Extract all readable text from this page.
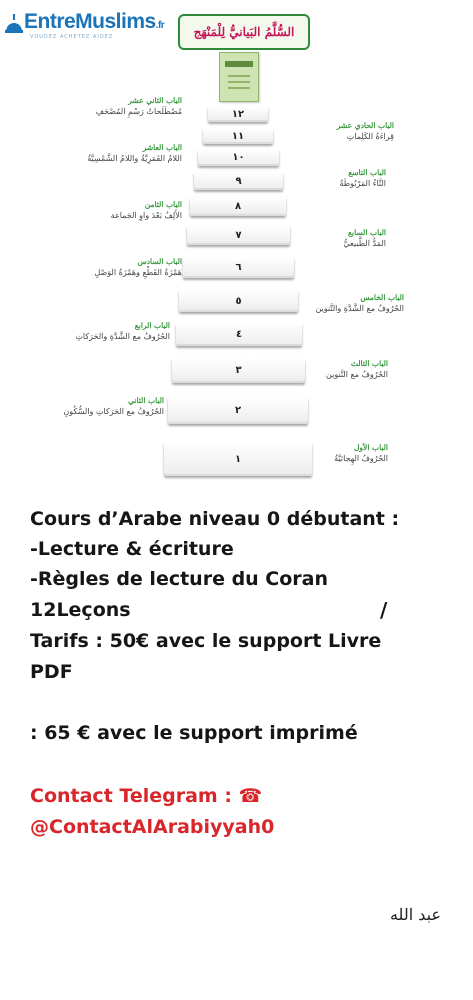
EntreMuslims.fr
VOUDEZ ACHETEZ AIDEZ	السُّلَّمُ البَيانيُّ لِلْمَنْهَج
١٢
١١
١٠
٩
٨
٧
٦
٥
٤
٣
٢
١
الباب الثاني عشر
مُصْطَلَحاتُ رَسْمِ المُصْحَفِ
الباب العاشر
اللامُ القَمَرِيَّةُ واللامُ الشَّمْسِيَّةُ
الباب الثامن
الأَلِفُ بَعْدَ واوِ الجَماعة
الباب السادس
هَمْزَةُ القَطْعِ وهَمْزَةُ الوَصْلِ
الباب الرابع
الحُرُوفُ مع الشَّدَّةِ والحَرَكاتِ
الباب الثاني
الحُرُوفُ مع الحَرَكاتِ والسُّكُونِ
الباب الحادي عشر
قِراءَةُ الكَلِماتِ
الباب التاسع
التَّاءُ المَرْبُوطَةُ
الباب السابع
المَدُّ الطَّبيعيُّ
الباب الخامس
الحُرُوفُ مع الشَّدَّةِ والتَّنوين
الباب الثالث
الحُرُوفُ مع التَّنوين
الباب الأول
الحُرُوفُ الهِجائيَّةُ
Cours d’Arabe niveau 0 débutant :
-Lecture & écriture
-Règles de lecture du Coran
12Leçons	/
Tarifs : 50€ avec le support Livre
PDF
: 65 € avec le support imprimé
Contact Telegram : ☎
@ContactAlArabiyyah0
عبد الله
